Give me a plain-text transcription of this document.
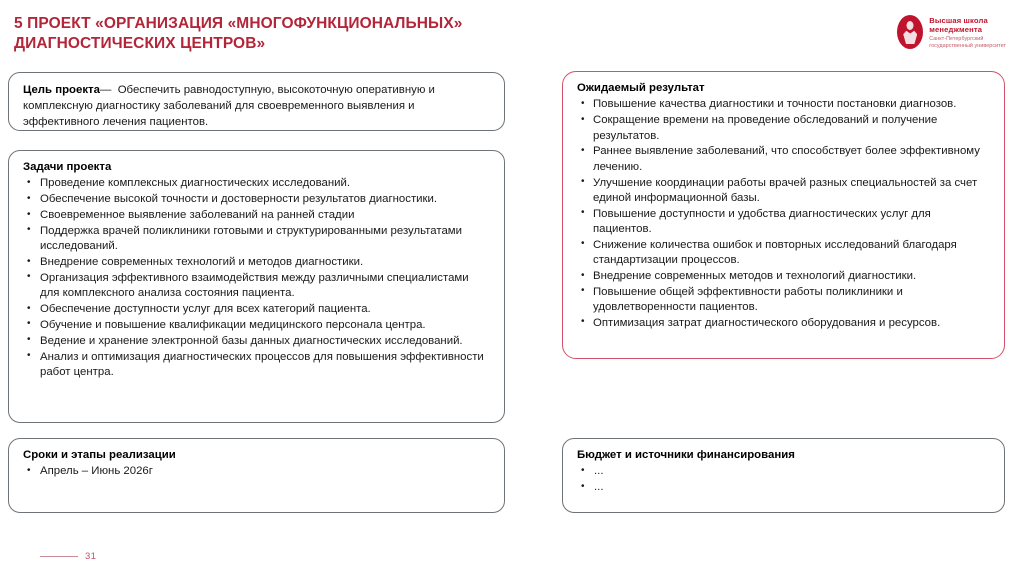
5 ПРОЕКТ «ОРГАНИЗАЦИЯ «МНОГОФУНКЦИОНАЛЬНЫХ»
ДИАГНОСТИЧЕСКИХ ЦЕНТРОВ»
Высшая школа
менеджмента
Санкт-Петербургский
государственный университет

Цель проекта— Обеспечить равнодоступную, высокоточную оперативную и комплексную диагностику заболеваний для своевременного выявления и эффективного лечения пациентов.

Задачи проекта
• Проведение комплексных диагностических исследований.
• Обеспечение высокой точности и достоверности результатов диагностики.
• Своевременное выявление заболеваний на ранней стадии
• Поддержка врачей поликлиники готовыми и структурированными результатами исследований.
• Внедрение современных технологий и методов диагностики.
• Организация эффективного взаимодействия между различными специалистами для комплексного анализа состояния пациента.
• Обеспечение доступности услуг для всех категорий пациента.
• Обучение и повышение квалификации медицинского персонала центра.
• Ведение и хранение электронной базы данных диагностических исследований.
• Анализ и оптимизация диагностических процессов для повышения эффективности работ центра.
Ожидаемый результат
• Повышение качества диагностики и точности постановки диагнозов.
• Сокращение времени на проведение обследований и получение результатов.
• Раннее выявление заболеваний, что способствует более эффективному лечению.
• Улучшение координации работы врачей разных специальностей за счет единой информационной базы.
• Повышение доступности и удобства диагностических услуг для пациентов.
• Снижение количества ошибок и повторных исследований благодаря стандартизации процессов.
• Внедрение современных методов и технологий диагностики.
• Повышение общей эффективности работы поликлиники и удовлетворенности пациентов.
• Оптимизация затрат диагностического оборудования и ресурсов.
Сроки и этапы реализации
• Апрель – Июнь 2026г
Бюджет и источники финансирования
• ...
• ...
31
